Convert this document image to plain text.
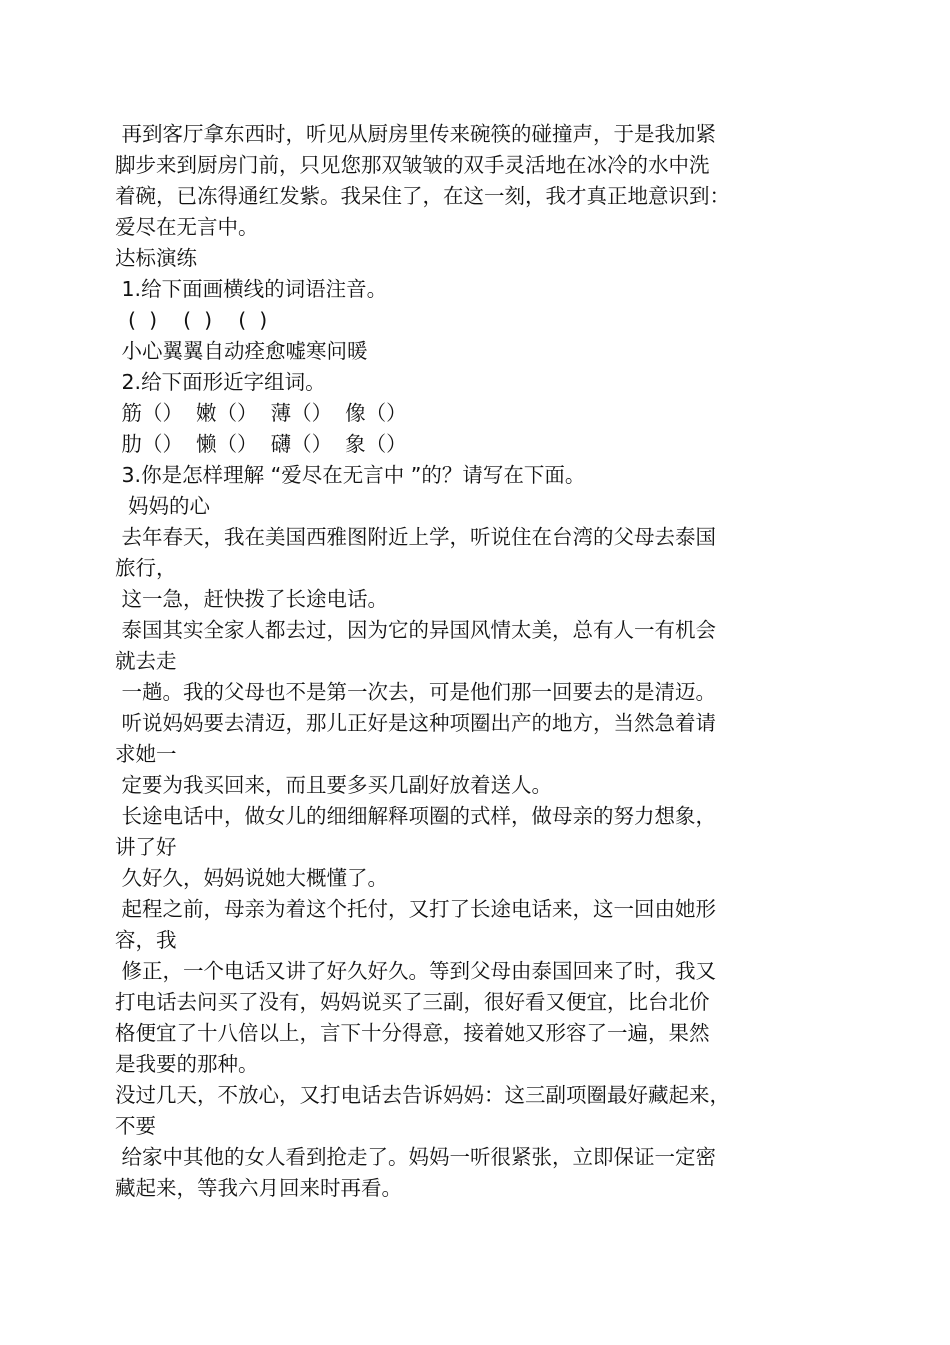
再到客厅拿东西时，听见从厨房里传来碗筷的碰撞声，于是我加紧
脚步来到厨房门前，只见您那双皱皱的双手灵活地在冰冷的水中洗
着碗，已冻得通红发紫。我呆住了，在这一刻，我才真正地意识到：
爱尽在无言中。
达标演练
1.给下面画横线的词语注音。
(  )    (  )    (  )
小心翼翼自动痊愈嘘寒问暖
2.给下面形近字组词。
筋（）  嫩（）  薄（）  像（）
肋（）  懒（）  礴（）  象（）
3.你是怎样理解 “爱尽在无言中 ”的？请写在下面。
妈妈的心
去年春天，我在美国西雅图附近上学，听说住在台湾的父母去泰国
旅行，
这一急，赶快拨了长途电话。
泰国其实全家人都去过，因为它的异国风情太美，总有人一有机会
就去走
一趟。我的父母也不是第一次去，可是他们那一回要去的是清迈。
听说妈妈要去清迈，那儿正好是这种项圈出产的地方，当然急着请
求她一
定要为我买回来，而且要多买几副好放着送人。
长途电话中，做女儿的细细解释项圈的式样，做母亲的努力想象，
讲了好
久好久，妈妈说她大概懂了。
起程之前，母亲为着这个托付，又打了长途电话来，这一回由她形
容，我
修正，一个电话又讲了好久好久。等到父母由泰国回来了时，我又
打电话去问买了没有，妈妈说买了三副，很好看又便宜，比台北价
格便宜了十八倍以上，言下十分得意，接着她又形容了一遍，果然
是我要的那种。
没过几天，不放心，又打电话去告诉妈妈：这三副项圈最好藏起来，
不要
给家中其他的女人看到抢走了。妈妈一听很紧张，立即保证一定密
藏起来，等我六月回来时再看。
